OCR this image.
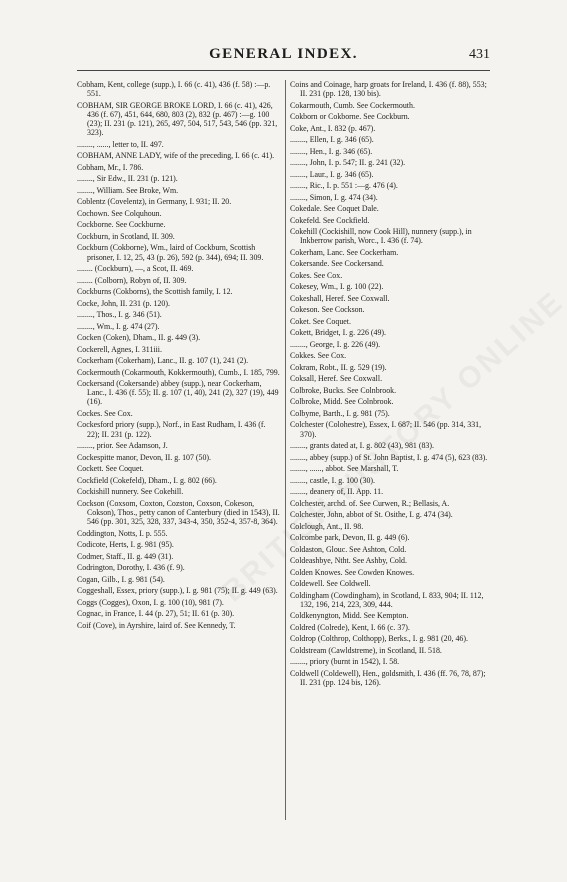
GENERAL INDEX.	431
Cobham, Kent, college (supp.), I. 66 (c. 41), 436 (f. 58) :—p. 551.
COBHAM, SIR GEORGE BROKE LORD, I. 66 (c. 41), 426, 436 (f. 67), 451, 644, 680, 803 (2), 832 (p. 467) :—g. 100 (23); II. 231 (p. 121), 265, 497, 504, 517, 543, 546 (pp. 321, 323).
........, ......, letter to, II. 497.
COBHAM, ANNE LADY, wife of the preceding, I. 66 (c. 41).
Cobham, Mr., I. 786.
........, Sir Edw., II. 231 (p. 121).
........, William. See Broke, Wm.
Coblentz (Covelentz), in Germany, I. 931; II. 20.
Cochown. See Colquhoun.
Cockborne. See Cockburne.
Cockburn, in Scotland, II. 309.
Cockburn (Cokborne), Wm., laird of Cockburn, Scottish prisoner, I. 12, 25, 43 (p. 26), 592 (p. 344), 694; II. 309.
........ (Cockburn), —, a Scot, II. 469.
........ (Colborn), Robyn of, II. 309.
Cockburns (Cokborns), the Scottish family, I. 12.
Cocke, John, II. 231 (p. 120).
........, Thos., I. g. 346 (51).
........, Wm., I. g. 474 (27).
Cocken (Coken), Dham., II. g. 449 (3).
Cockerell, Agnes, I. 311iii.
Cockerham (Cokerham), Lanc., II. g. 107 (1), 241 (2).
Cockermouth (Cokarmouth, Kokkermouth), Cumb., I. 185, 799.
Cockersand (Cokersande) abbey (supp.), near Cockerham, Lanc., I. 436 (f. 55); II. g. 107 (1, 40), 241 (2), 327 (19), 449 (16).
Cockes. See Cox.
Cockesford priory (supp.), Norf., in East Rudham, I. 436 (f. 22); II. 231 (p. 122).
........, prior. See Adamson, J.
Cockespitte manor, Devon, II. g. 107 (50).
Cockett. See Coquet.
Cockfield (Cokefeld), Dham., I. g. 802 (66).
Cockishill nunnery. See Cokehill.
Cockson (Coxsom, Coxton, Cozston, Coxson, Cokeson, Cokson), Thos., petty canon of Canterbury (died in 1543), II. 546 (pp. 301, 325, 328, 337, 343-4, 350, 352-4, 357-8, 364).
Coddington, Notts, I. p. 555.
Codicote, Herts, I. g. 981 (95).
Codmer, Staff., II. g. 449 (31).
Codrington, Dorothy, I. 436 (f. 9).
Cogan, Gilb., I. g. 981 (54).
Coggeshall, Essex, priory (supp.), I. g. 981 (75); II. g. 449 (63).
Coggs (Cogges), Oxon, I. g. 100 (10), 981 (7).
Cognac, in France, I. 44 (p. 27), 51; II. 61 (p. 30).
Coif (Cove), in Ayrshire, laird of. See Kennedy, T.
Coins and Coinage, harp groats for Ireland, I. 436 (f. 88), 553; II. 231 (pp. 128, 130 bis).
Cokarmouth, Cumb. See Cockermouth.
Cokborn or Cokborne. See Cockburn.
Coke, Ant., I. 832 (p. 467).
........, Ellen, I. g. 346 (65).
........, Hen., I. g. 346 (65).
........, John, I. p. 547; II. g. 241 (32).
........, Laur., I. g. 346 (65).
........, Ric., I. p. 551 :—g. 476 (4).
........, Simon, I. g. 474 (34).
Cokedale. See Coquet Dale.
Cokefeld. See Cockfield.
Cokehill (Cockishill, now Cook Hill), nunnery (supp.), in Inkberrow parish, Worc., I. 436 (f. 74).
Cokerham, Lanc. See Cockerham.
Cokersande. See Cockersand.
Cokes. See Cox.
Cokesey, Wm., I. g. 100 (22).
Cokeshall, Heref. See Coxwall.
Cokeson. See Cockson.
Coket. See Coquet.
Cokett, Bridget, I. g. 226 (49).
........, George, I. g. 226 (49).
Cokkes. See Cox.
Cokram, Robt., II. g. 529 (19).
Coksall, Heref. See Coxwall.
Colbroke, Bucks. See Colnbrook.
Colbroke, Midd. See Colnbrook.
Colbyme, Barth., I. g. 981 (75).
Colchester (Colohestre), Essex, I. 687; II. 546 (pp. 314, 331, 370).
........, grants dated at, I. g. 802 (43), 981 (83).
........, abbey (supp.) of St. John Baptist, I. g. 474 (5), 623 (83).
........, ......, abbot. See Marshall, T.
........, castle, I. g. 100 (30).
........, deanery of, II. App. 11.
Colchester, archd. of. See Curwen, R.; Bellasis, A.
Colchester, John, abbot of St. Osithe, I. g. 474 (34).
Colclough, Ant., II. 98.
Colcombe park, Devon, II. g. 449 (6).
Coldaston, Glouc. See Ashton, Cold.
Coldeashbye, Ntht. See Ashby, Cold.
Colden Knowes. See Cowden Knowes.
Coldewell. See Coldwell.
Coldingham (Cowdingham), in Scotland, I. 833, 904; II. 112, 132, 196, 214, 223, 309, 444.
Coldkenyngton, Midd. See Kempton.
Coldred (Colrede), Kent, I. 66 (c. 37).
Coldrop (Colthrop, Colthopp), Berks., I. g. 981 (20, 46).
Coldstream (Cawldstreme), in Scotland, II. 518.
........, priory (burnt in 1542), I. 58.
Coldwell (Coldewell), Hen., goldsmith, I. 436 (ff. 76, 78, 87); II. 231 (pp. 124 bis, 126).
